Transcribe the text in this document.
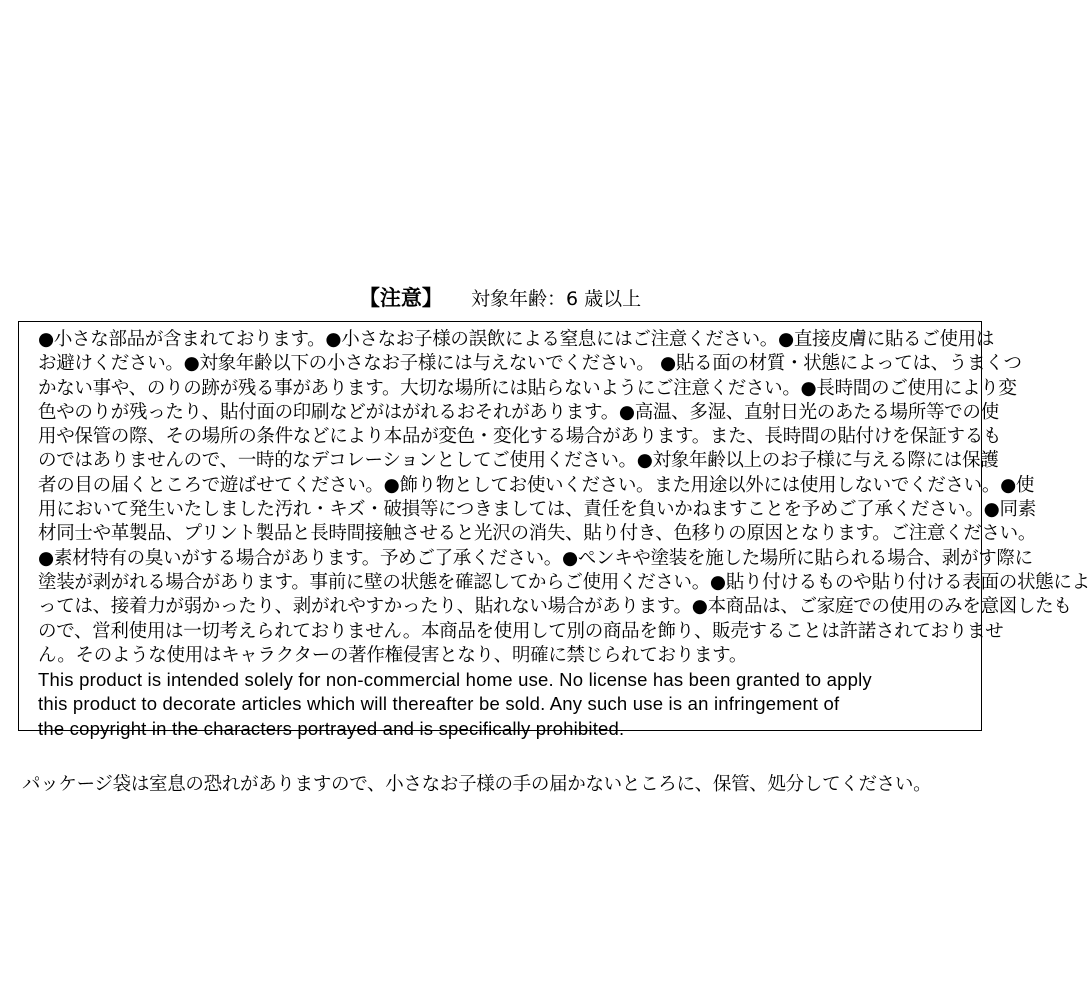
【注意】 対象年齢：6 歳以上
●小さな部品が含まれております。●小さなお子様の誤飲による窒息にはご注意ください。●直接皮膚に貼るご使用は
お避けください。●対象年齢以下の小さなお子様には与えないでください。 ●貼る面の材質・状態によっては、うまくつ
かない事や、のりの跡が残る事があります。大切な場所には貼らないようにご注意ください。●長時間のご使用により変
色やのりが残ったり、貼付面の印刷などがはがれるおそれがあります。●高温、多湿、直射日光のあたる場所等での使
用や保管の際、その場所の条件などにより本品が変色・変化する場合があります。また、長時間の貼付けを保証するも
のではありませんので、一時的なデコレーションとしてご使用ください。●対象年齢以上のお子様に与える際には保護
者の目の届くところで遊ばせてください。●飾り物としてお使いください。また用途以外には使用しないでください。●使
用において発生いたしました汚れ・キズ・破損等につきましては、責任を負いかねますことを予めご了承ください。●同素
材同士や革製品、プリント製品と長時間接触させると光沢の消失、貼り付き、色移りの原因となります。ご注意ください。
●素材特有の臭いがする場合があります。予めご了承ください。●ペンキや塗装を施した場所に貼られる場合、剥がす際に
塗装が剥がれる場合があります。事前に壁の状態を確認してからご使用ください。●貼り付けるものや貼り付ける表面の状態によ
っては、接着力が弱かったり、剥がれやすかったり、貼れない場合があります。●本商品は、ご家庭での使用のみを意図したも
ので、営利使用は一切考えられておりません。本商品を使用して別の商品を飾り、販売することは許諾されておりませ
ん。そのような使用はキャラクターの著作権侵害となり、明確に禁じられております。
This product is intended solely for non-commercial home use. No license has been granted to apply
this product to decorate articles which will thereafter be sold. Any such use is an infringement of
the copyright in the characters portrayed and is specifically prohibited.
パッケージ袋は室息の恐れがありますので、小さなお子様の手の届かないところに、保管、処分してください。
